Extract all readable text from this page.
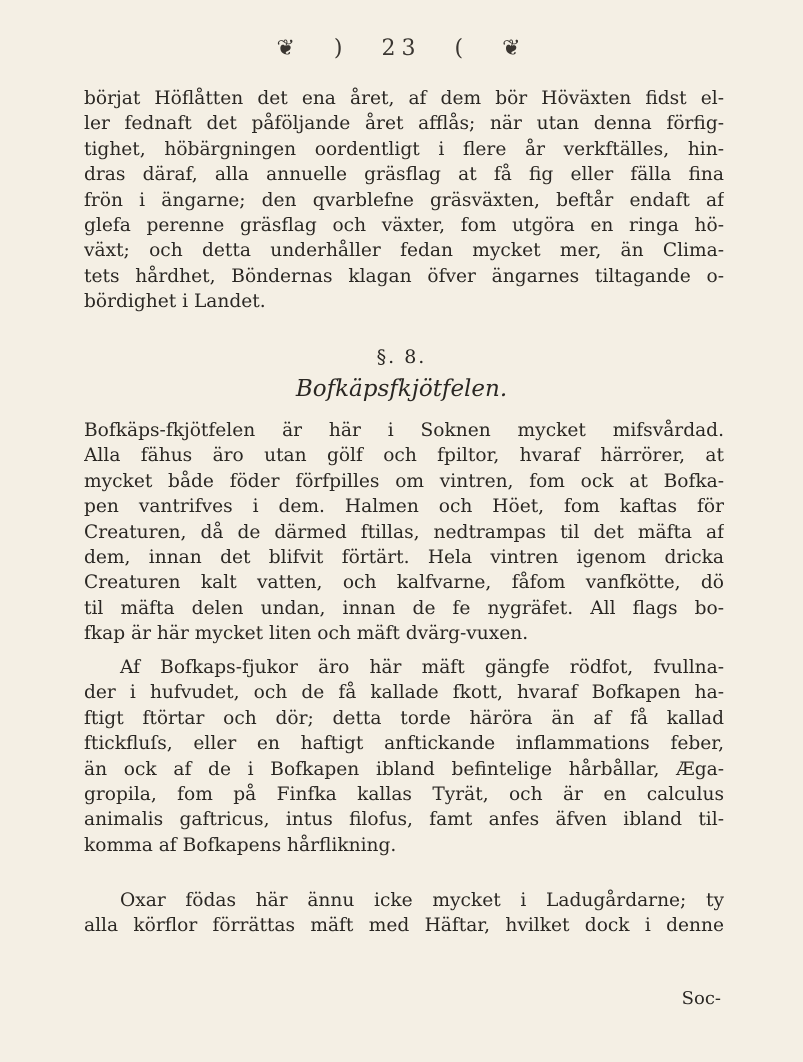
❦ ) 23 ( ❦
börjat Höflåtten det ena året, af dem bör Höväxten fidst el-
ler fednaft det påföljande året afflås; när utan denna förfig-
tighet, höbärgningen oordentligt i flere år verkftälles, hin-
dras däraf, alla annuelle gräsflag at få fig eller fälla fina
frön i ängarne; den qvarblefne gräsväxten, beftår endaft af
glefa perenne gräsflag och växter, fom utgöra en ringa hö-
växt; och detta underhåller fedan mycket mer, än Clima-
tets hårdhet, Böndernas klagan öfver ängarnes tiltagande o-
bördighet i Landet.
§. 8.
Bofkäpsfkjötfelen.
Bofkäps-fkjötfelen är här i Soknen mycket mifsvårdad.
Alla fähus äro utan gölf och fpiltor, hvaraf härrörer, at
mycket både föder förfpilles om vintren, fom ock at Bofka-
pen vantrifves i dem. Halmen och Höet, fom kaftas för
Creaturen, då de därmed ftillas, nedtrampas til det mäfta af
dem, innan det blifvit förtärt. Hela vintren igenom dricka
Creaturen kalt vatten, och kalfvarne, fåfom vanfkötte, dö
til mäfta delen undan, innan de fe nygräfet. All flags bo-
fkap är här mycket liten och mäft dvärg-vuxen.
Af Bofkaps-fjukor äro här mäft gängfe rödfot, fvullna-
der i hufvudet, och de få kallade fkott, hvaraf Bofkapen ha-
ftigt ftörtar och dör; detta torde häröra än af få kallad
ftickfluſs, eller en haftigt anftickande inflammations feber,
än ock af de i Bofkapen ibland befintelige hårbållar, Æga-
gropila, fom på Finfka kallas Tyrät, och är en calculus
animalis gaftricus, intus filofus, famt anfes äfven ibland til-
komma af Bofkapens hårflikning.
Oxar födas här ännu icke mycket i Ladugårdarne; ty
alla körflor förrättas mäft med Häftar, hvilket dock i denne
Soc-
